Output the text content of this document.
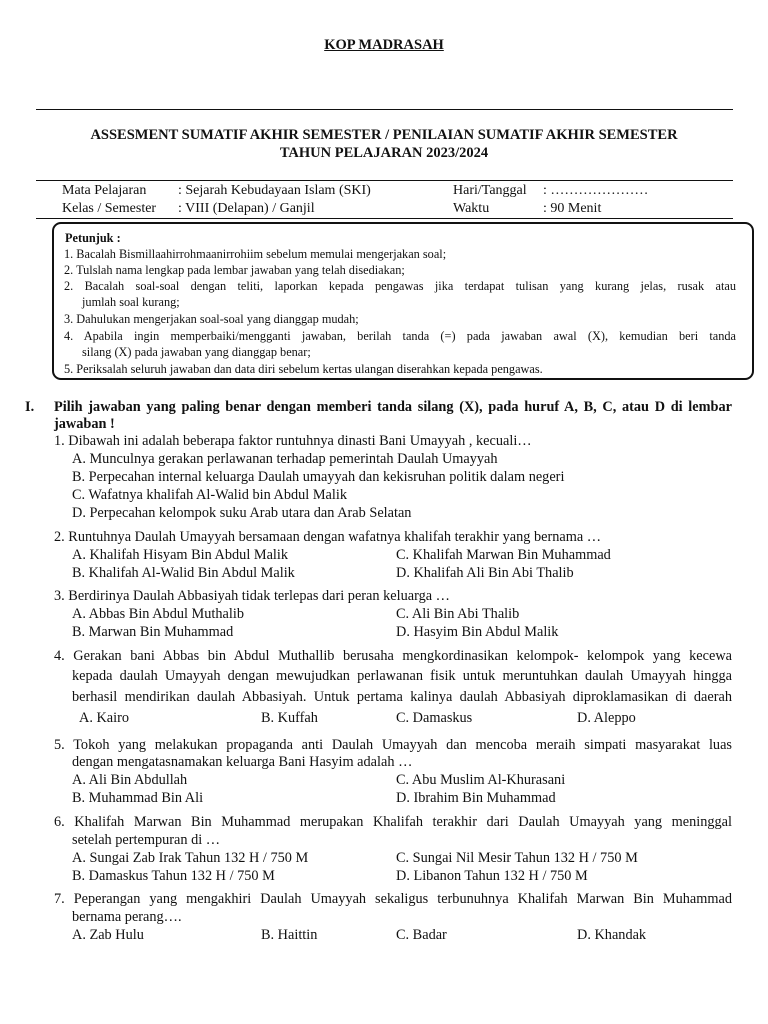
KOP MADRASAH
ASSESMENT SUMATIF AKHIR SEMESTER / PENILAIAN SUMATIF AKHIR SEMESTER
TAHUN PELAJARAN 2023/2024
Mata Pelajaran : Sejarah Kebudayaan Islam (SKI)	Hari/Tanggal : …………………
Kelas / Semester : VIII (Delapan) / Ganjil	Waktu	: 90 Menit
Petunjuk :
1. Bacalah Bismillaahirrohmaanirrohiim sebelum memulai mengerjakan soal;
2. Tulslah nama lengkap pada lembar jawaban yang telah disediakan;
2. Bacalah soal-soal dengan teliti, laporkan kepada pengawas jika terdapat tulisan yang kurang jelas, rusak atau
jumlah soal kurang;
3. Dahulukan mengerjakan soal-soal yang dianggap mudah;
4. Apabila ingin memperbaiki/mengganti jawaban, berilah tanda (=) pada jawaban awal (X), kemudian beri tanda
silang (X) pada jawaban yang dianggap benar;
5. Periksalah seluruh jawaban dan data diri sebelum kertas ulangan diserahkan kepada pengawas.
I. Pilih jawaban yang paling benar dengan memberi tanda silang (X), pada huruf A, B, C, atau D di lembar
jawaban !
1. Dibawah ini adalah beberapa faktor runtuhnya dinasti Bani Umayyah , kecuali…
A. Munculnya gerakan perlawanan terhadap pemerintah Daulah Umayyah
B. Perpecahan internal keluarga Daulah umayyah dan kekisruhan politik dalam negeri
C. Wafatnya khalifah Al-Walid bin Abdul Malik
D. Perpecahan kelompok suku Arab utara dan Arab Selatan
2. Runtuhnya Daulah Umayyah bersamaan dengan wafatnya khalifah terakhir yang bernama …
A. Khalifah Hisyam Bin Abdul Malik	C. Khalifah Marwan Bin Muhammad
B. Khalifah Al-Walid Bin Abdul Malik	D. Khalifah Ali Bin Abi Thalib
3. Berdirinya Daulah Abbasiyah tidak terlepas dari peran keluarga …
A. Abbas Bin Abdul Muthalib	C. Ali Bin Abi Thalib
B. Marwan Bin Muhammad	D. Hasyim Bin Abdul Malik
4. Gerakan bani Abbas bin Abdul Muthallib berusaha mengkordinasikan kelompok- kelompok yang kecewa
kepada daulah Umayyah dengan mewujudkan perlawanan fisik untuk meruntuhkan daulah Umayyah hingga
berhasil mendirikan daulah Abbasiyah. Untuk pertama kalinya daulah Abbasiyah diproklamasikan di daerah
A. Kairo	B. Kuffah	C. Damaskus	D. Aleppo
5. Tokoh yang melakukan propaganda anti Daulah Umayyah dan mencoba meraih simpati masyarakat luas
dengan mengatasnamakan keluarga Bani Hasyim adalah …
A. Ali Bin Abdullah	C. Abu Muslim Al-Khurasani
B. Muhammad Bin Ali	D. Ibrahim Bin Muhammad
6. Khalifah Marwan Bin Muhammad merupakan Khalifah terakhir dari Daulah Umayyah yang meninggal
setelah pertempuran di …
A. Sungai Zab Irak Tahun 132 H / 750 M	C. Sungai Nil Mesir Tahun 132 H / 750 M
B. Damaskus Tahun 132 H / 750 M	D. Libanon Tahun 132 H / 750 M
7. Peperangan yang mengakhiri Daulah Umayyah sekaligus terbunuhnya Khalifah Marwan Bin Muhammad
bernama perang….
A. Zab Hulu	B. Haittin	C. Badar	D. Khandak
